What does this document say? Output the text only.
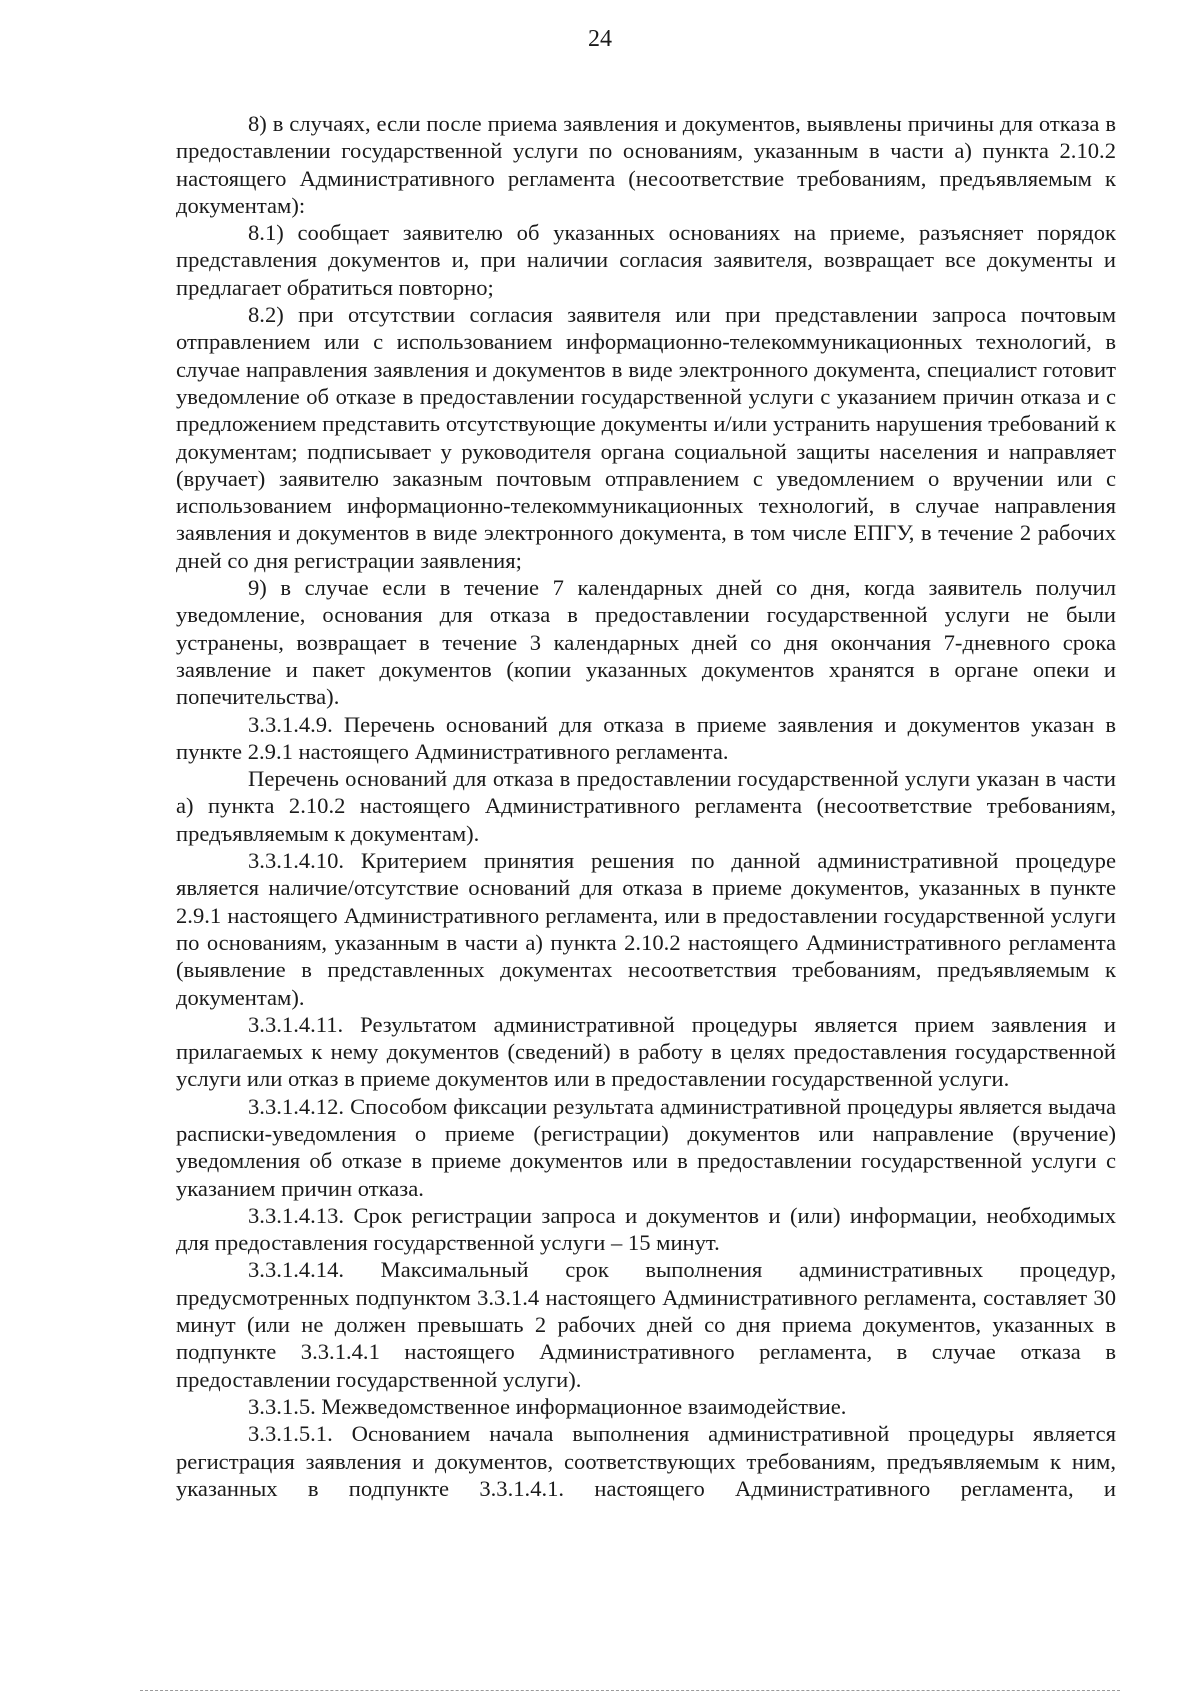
24

8) в случаях, если после приема заявления и документов, выявлены причины для отказа в предоставлении государственной услуги по основаниям, указанным в части а) пункта 2.10.2 настоящего Административного регламента (несоответствие требованиям, предъявляемым к документам):

8.1) сообщает заявителю об указанных основаниях на приеме, разъясняет порядок представления документов и, при наличии согласия заявителя, возвращает все документы и предлагает обратиться повторно;

8.2) при отсутствии согласия заявителя или при представлении запроса почтовым отправлением или с использованием информационно-телекоммуникационных технологий, в случае направления заявления и документов в виде электронного документа, специалист готовит уведомление об отказе в предоставлении государственной услуги с указанием причин отказа и с предложением представить отсутствующие документы и/или устранить нарушения требований к документам; подписывает у руководителя органа социальной защиты населения и направляет (вручает) заявителю заказным почтовым отправлением с уведомлением о вручении или с использованием информационно-телекоммуникационных технологий, в случае направления заявления и документов в виде электронного документа, в том числе ЕПГУ, в течение 2 рабочих дней со дня регистрации заявления;

9) в случае если в течение 7 календарных дней со дня, когда заявитель получил уведомление, основания для отказа в предоставлении государственной услуги не были устранены, возвращает в течение 3 календарных дней со дня окончания 7-дневного срока заявление и пакет документов (копии указанных документов хранятся в органе опеки и попечительства).

3.3.1.4.9. Перечень оснований для отказа в приеме заявления и документов указан в пункте 2.9.1 настоящего Административного регламента.

Перечень оснований для отказа в предоставлении государственной услуги указан в части а) пункта 2.10.2 настоящего Административного регламента (несоответствие требованиям, предъявляемым к документам).

3.3.1.4.10. Критерием принятия решения по данной административной процедуре является наличие/отсутствие оснований для отказа в приеме документов, указанных в пункте 2.9.1 настоящего Административного регламента, или в предоставлении государственной услуги по основаниям, указанным в части а) пункта 2.10.2 настоящего Административного регламента (выявление в представленных документах несоответствия требованиям, предъявляемым к документам).

3.3.1.4.11. Результатом административной процедуры является прием заявления и прилагаемых к нему документов (сведений) в работу в целях предоставления государственной услуги или отказ в приеме документов или в предоставлении государственной услуги.

3.3.1.4.12. Способом фиксации результата административной процедуры является выдача расписки-уведомления о приеме (регистрации) документов или направление (вручение) уведомления об отказе в приеме документов или в предоставлении государственной услуги с указанием причин отказа.

3.3.1.4.13. Срок регистрации запроса и документов и (или) информации, необходимых для предоставления государственной услуги – 15 минут.

3.3.1.4.14. Максимальный срок выполнения административных процедур, предусмотренных подпунктом 3.3.1.4 настоящего Административного регламента, составляет 30 минут (или не должен превышать 2 рабочих дней со дня приема документов, указанных в подпункте 3.3.1.4.1 настоящего Административного регламента, в случае отказа в предоставлении государственной услуги).

3.3.1.5. Межведомственное информационное взаимодействие.

3.3.1.5.1. Основанием начала выполнения административной процедуры является регистрация заявления и документов, соответствующих требованиям, предъявляемым к ним, указанных в подпункте 3.3.1.4.1. настоящего Административного регламента, и
